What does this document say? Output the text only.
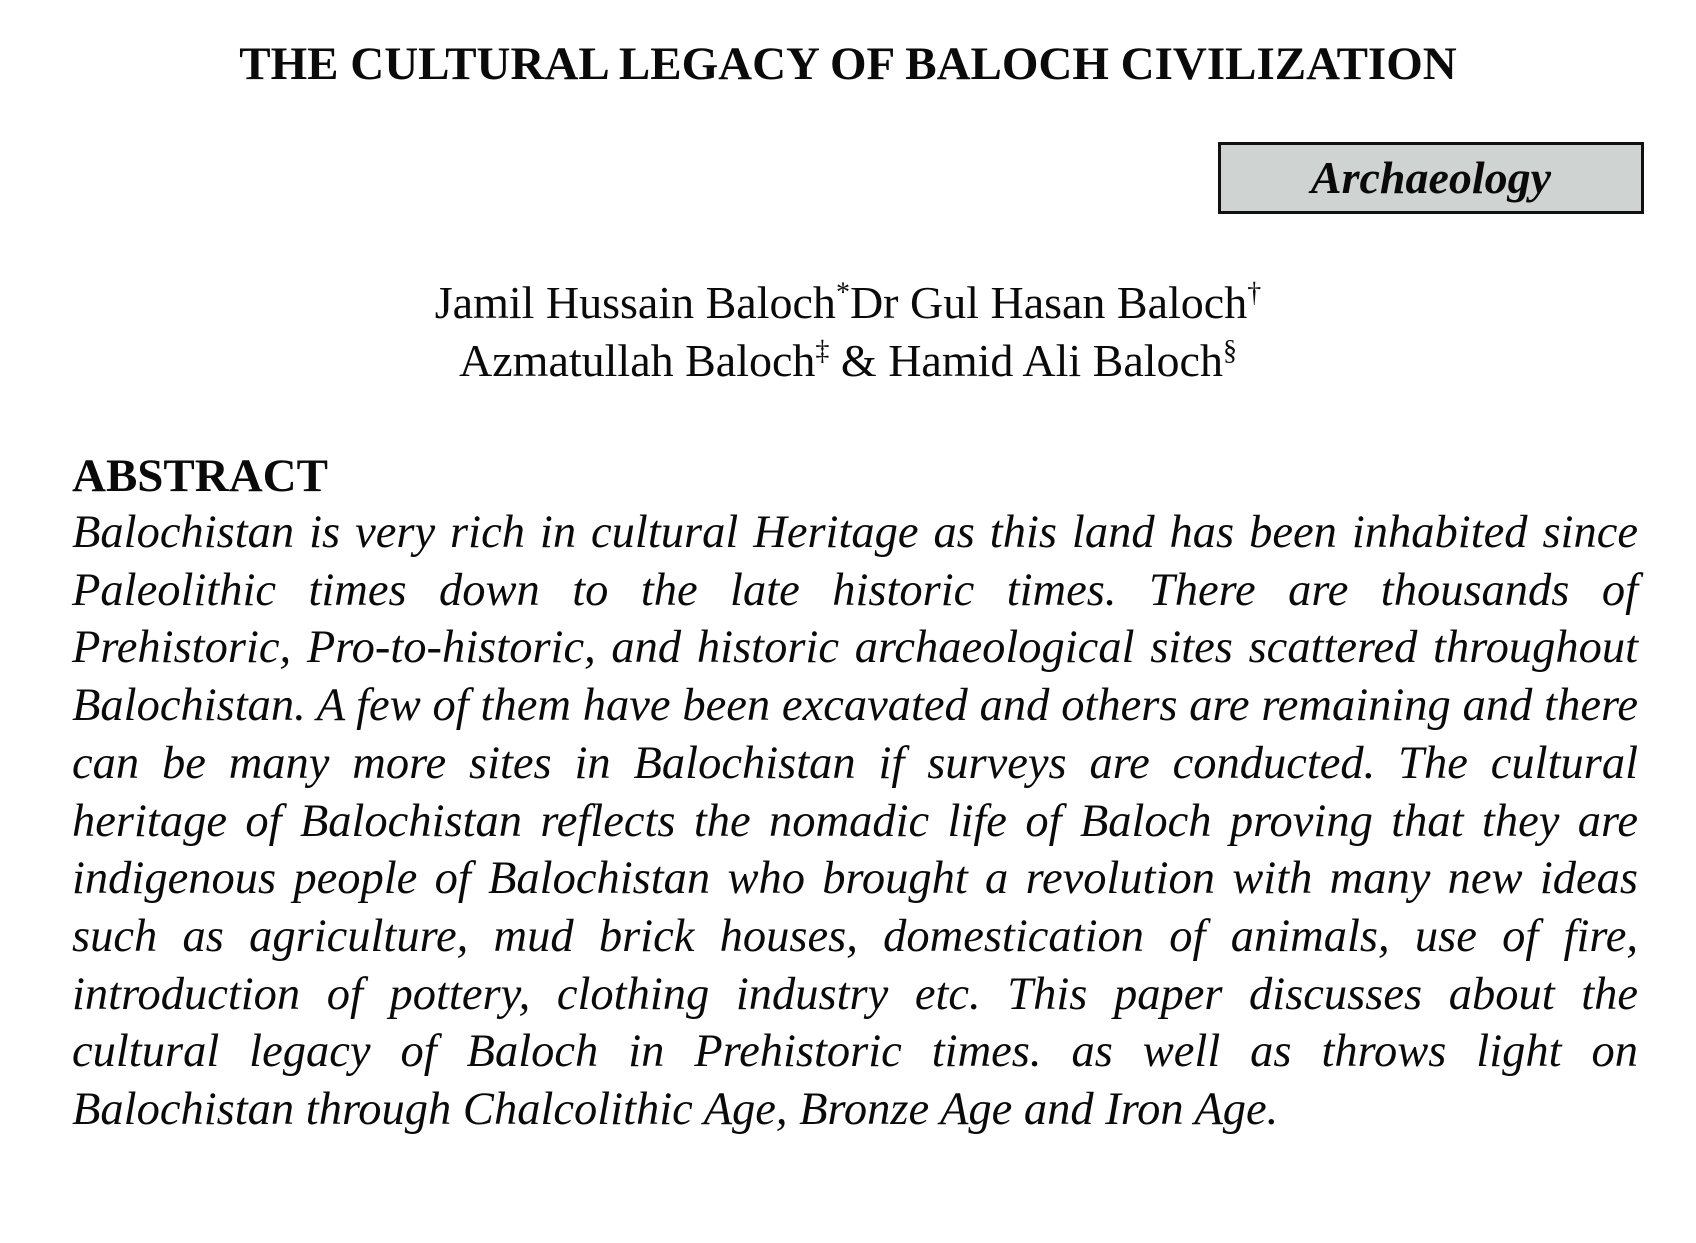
THE CULTURAL LEGACY OF BALOCH CIVILIZATION
Archaeology
Jamil Hussain Baloch*Dr Gul Hasan Baloch†
Azmatullah Baloch‡ & Hamid Ali Baloch§
ABSTRACT

Balochistan is very rich in cultural Heritage as this land has been inhabited since Paleolithic times down to the late historic times. There are thousands of Prehistoric, Pro-to-historic, and historic archaeological sites scattered throughout Balochistan. A few of them have been excavated and others are remaining and there can be many more sites in Balochistan if surveys are conducted. The cultural heritage of Balochistan reflects the nomadic life of Baloch proving that they are indigenous people of Balochistan who brought a revolution with many new ideas such as agriculture, mud brick houses, domestication of animals, use of fire, introduction of pottery, clothing industry etc. This paper discusses about the cultural legacy of Baloch in Prehistoric times. as well as throws light on Balochistan through Chalcolithic Age, Bronze Age and Iron Age.
